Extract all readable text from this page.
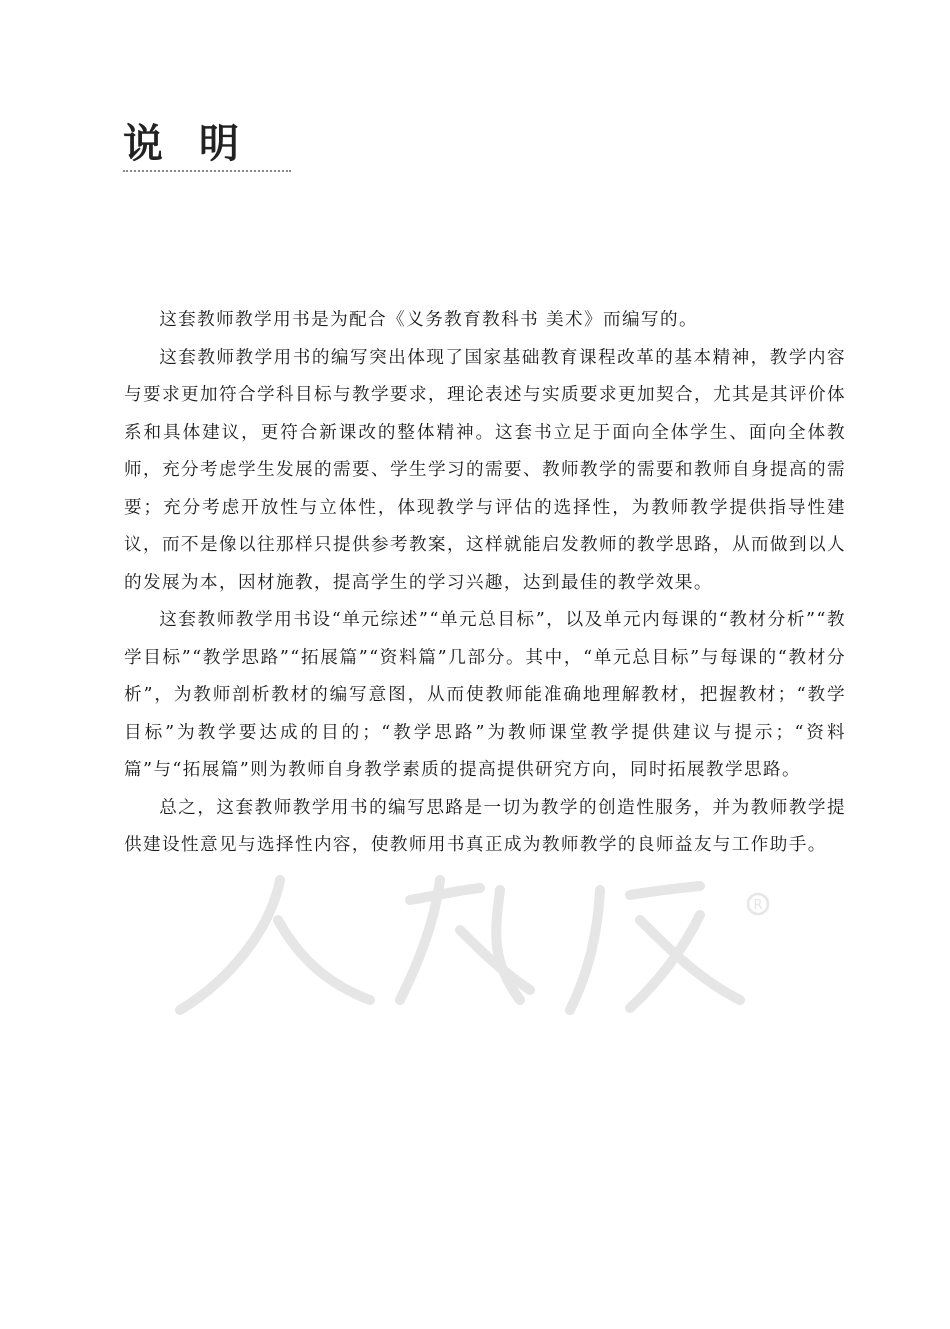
说明
R

这套教师教学用书是为配合《义务教育教科书 美术》而编写的。

这套教师教学用书的编写突出体现了国家基础教育课程改革的基本精神，教学内容与要求更加符合学科目标与教学要求，理论表述与实质要求更加契合，尤其是其评价体系和具体建议，更符合新课改的整体精神。这套书立足于面向全体学生、面向全体教师，充分考虑学生发展的需要、学生学习的需要、教师教学的需要和教师自身提高的需要；充分考虑开放性与立体性，体现教学与评估的选择性，为教师教学提供指导性建议，而不是像以往那样只提供参考教案，这样就能启发教师的教学思路，从而做到以人的发展为本，因材施教，提高学生的学习兴趣，达到最佳的教学效果。

这套教师教学用书设“单元综述”“单元总目标”，以及单元内每课的“教材分析”“教学目标”“教学思路”“拓展篇”“资料篇”几部分。其中，“单元总目标”与每课的“教材分析”，为教师剖析教材的编写意图，从而使教师能准确地理解教材，把握教材；“教学目标”为教学要达成的目的；“教学思路”为教师课堂教学提供建议与提示；“资料篇”与“拓展篇”则为教师自身教学素质的提高提供研究方向，同时拓展教学思路。

总之，这套教师教学用书的编写思路是一切为教学的创造性服务，并为教师教学提供建设性意见与选择性内容，使教师用书真正成为教师教学的良师益友与工作助手。
